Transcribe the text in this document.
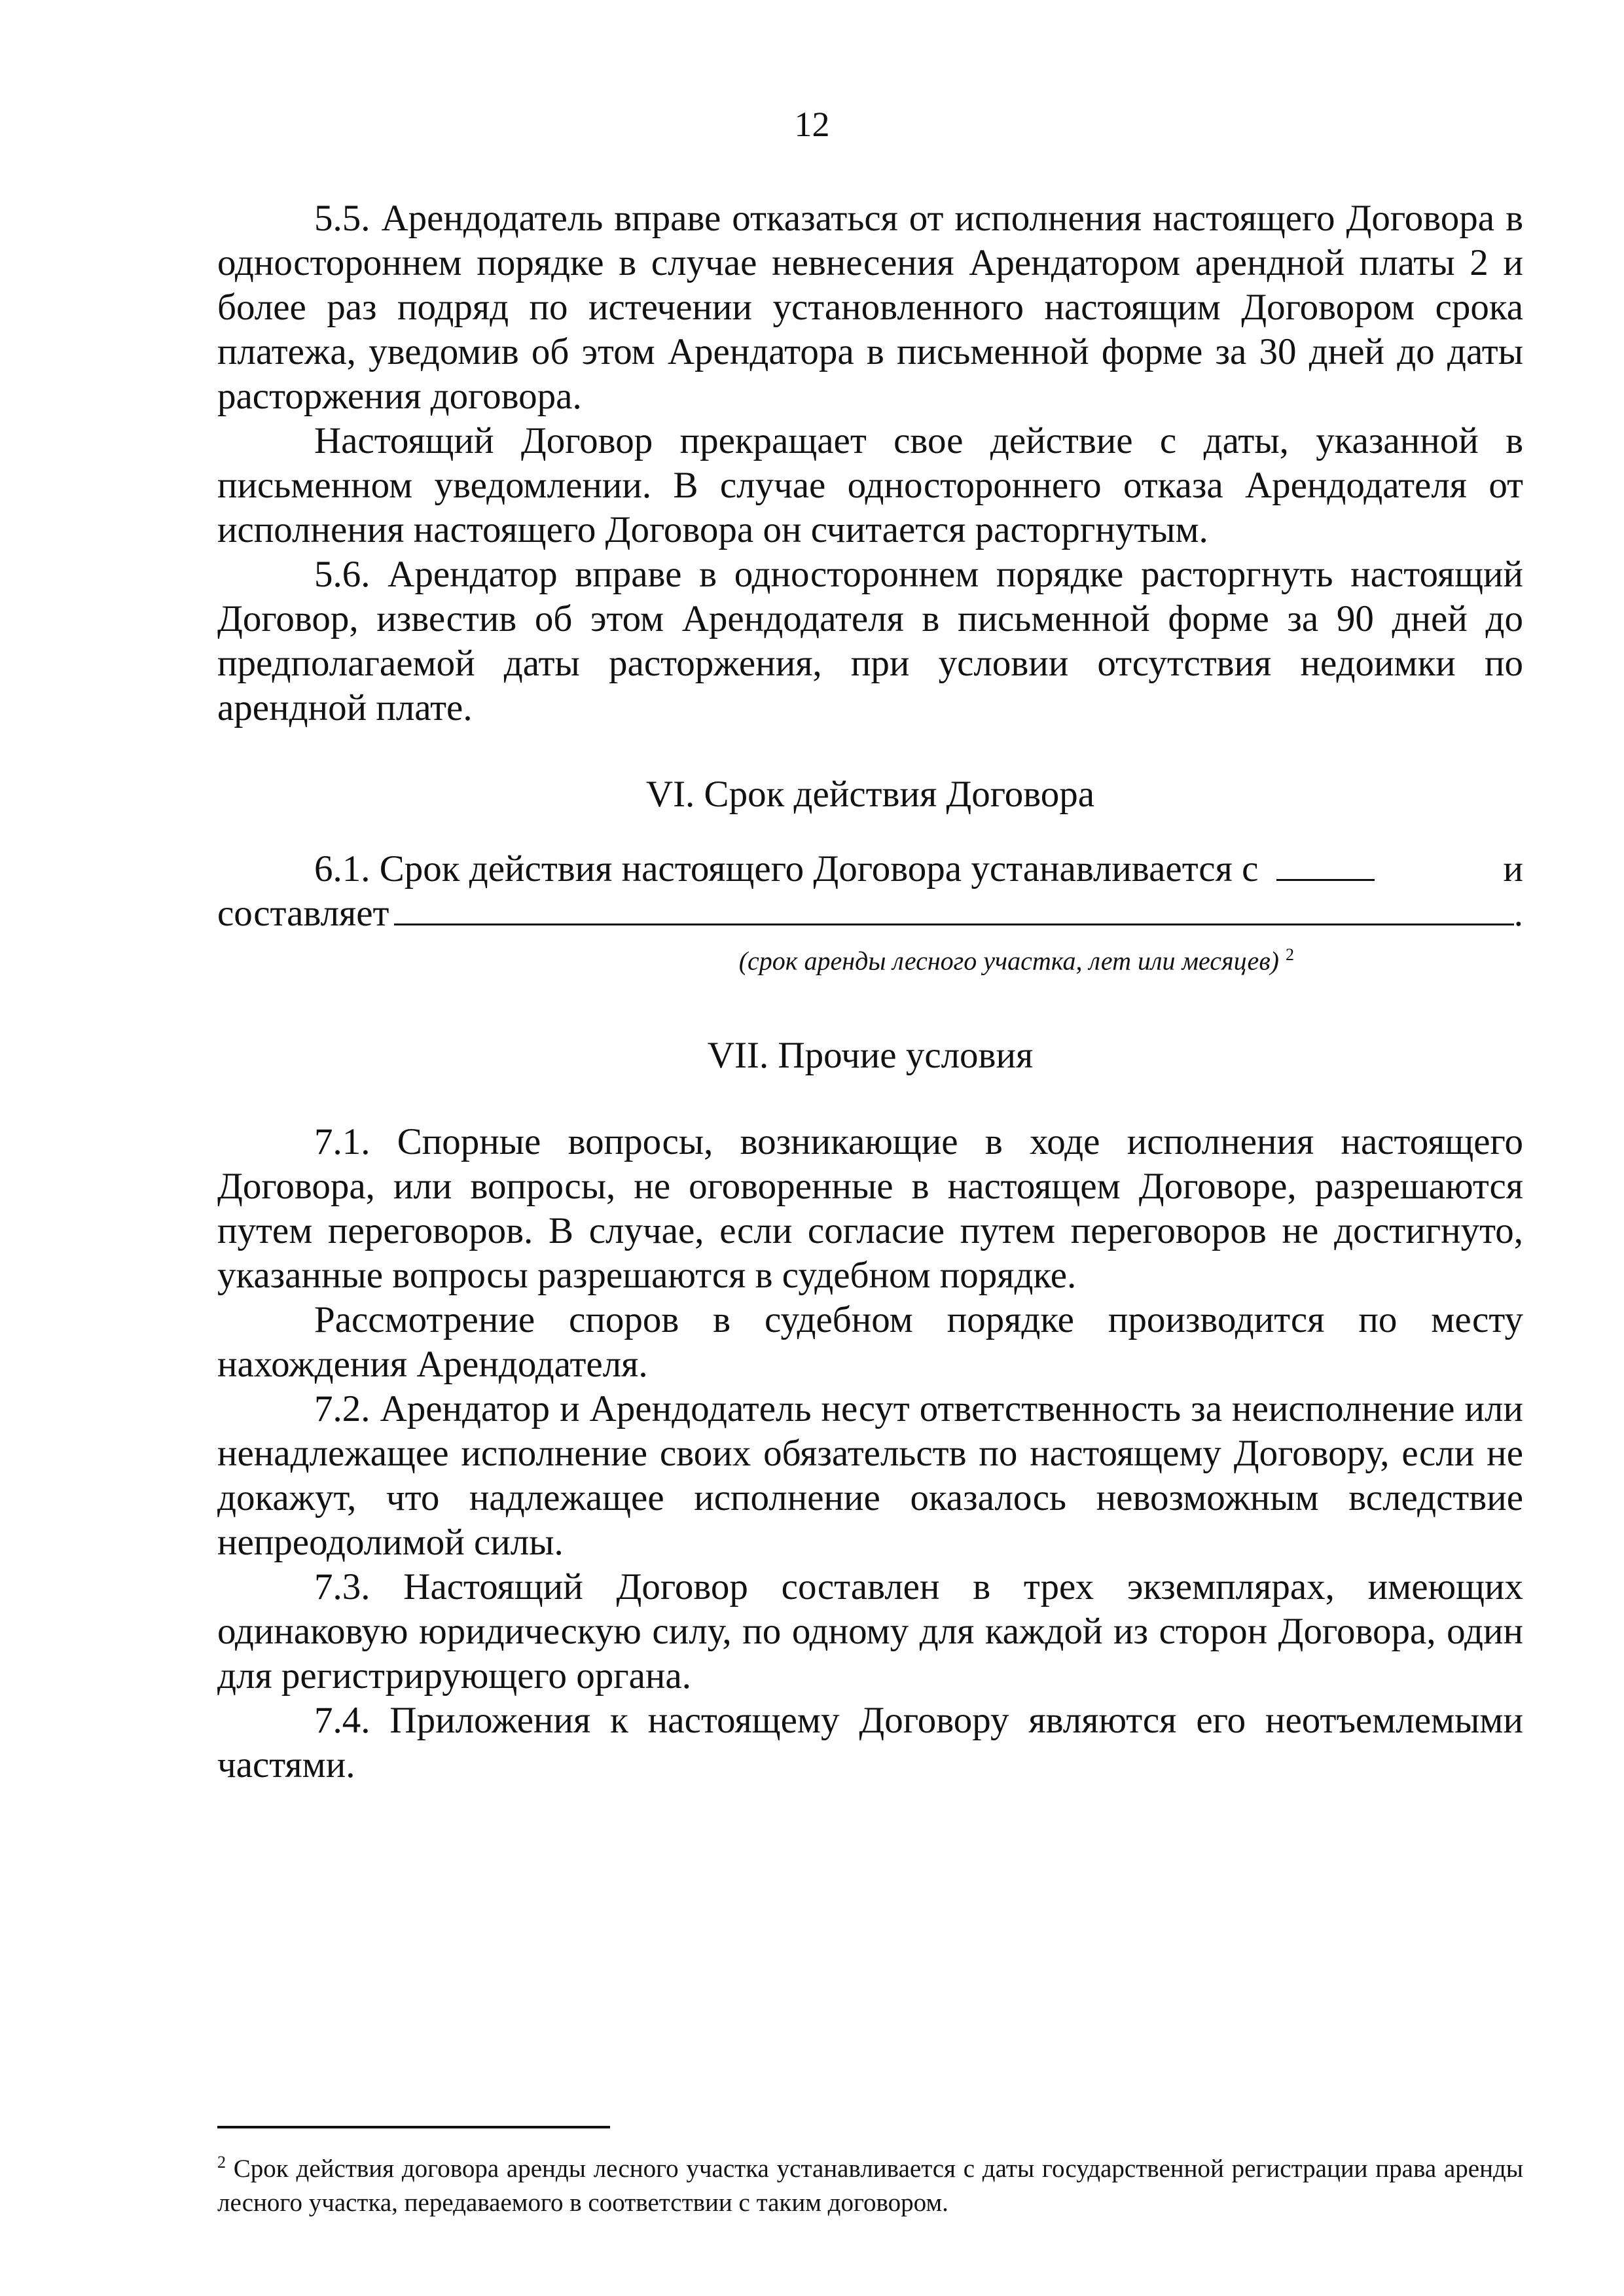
12

5.5. Арендодатель вправе отказаться от исполнения настоящего Договора в одностороннем порядке в случае невнесения Арендатором арендной платы 2 и более раз подряд по истечении установленного настоящим Договором срока платежа, уведомив об этом Арендатора в письменной форме за 30 дней до даты расторжения договора.

Настоящий Договор прекращает свое действие с даты, указанной в письменном уведомлении. В случае одностороннего отказа Арендодателя от исполнения настоящего Договора он считается расторгнутым.

5.6. Арендатор вправе в одностороннем порядке расторгнуть настоящий Договор, известив об этом Арендодателя в письменной форме за 90 дней до предполагаемой даты расторжения, при условии отсутствия недоимки по арендной плате.

VI. Срок действия Договора

6.1. Срок действия настоящего Договора устанавливается с	и
составляет	.

(срок аренды лесного участка, лет или месяцев) $^2$

VII. Прочие условия

7.1. Спорные вопросы, возникающие в ходе исполнения настоящего Договора, или вопросы, не оговоренные в настоящем Договоре, разрешаются путем переговоров. В случае, если согласие путем переговоров не достигнуто, указанные вопросы разрешаются в судебном порядке.

Рассмотрение споров в судебном порядке производится по месту нахождения Арендодателя.

7.2. Арендатор и Арендодатель несут ответственность за неисполнение или ненадлежащее исполнение своих обязательств по настоящему Договору, если не докажут, что надлежащее исполнение оказалось невозможным вследствие непреодолимой силы.

7.3. Настоящий Договор составлен в трех экземплярах, имеющих одинаковую юридическую силу, по одному для каждой из сторон Договора, один для регистрирующего органа.

7.4. Приложения к настоящему Договору являются его неотъемлемыми частями.

$^2$ Срок действия договора аренды лесного участка устанавливается с даты государственной регистрации права аренды лесного участка, передаваемого в соответствии с таким договором.
